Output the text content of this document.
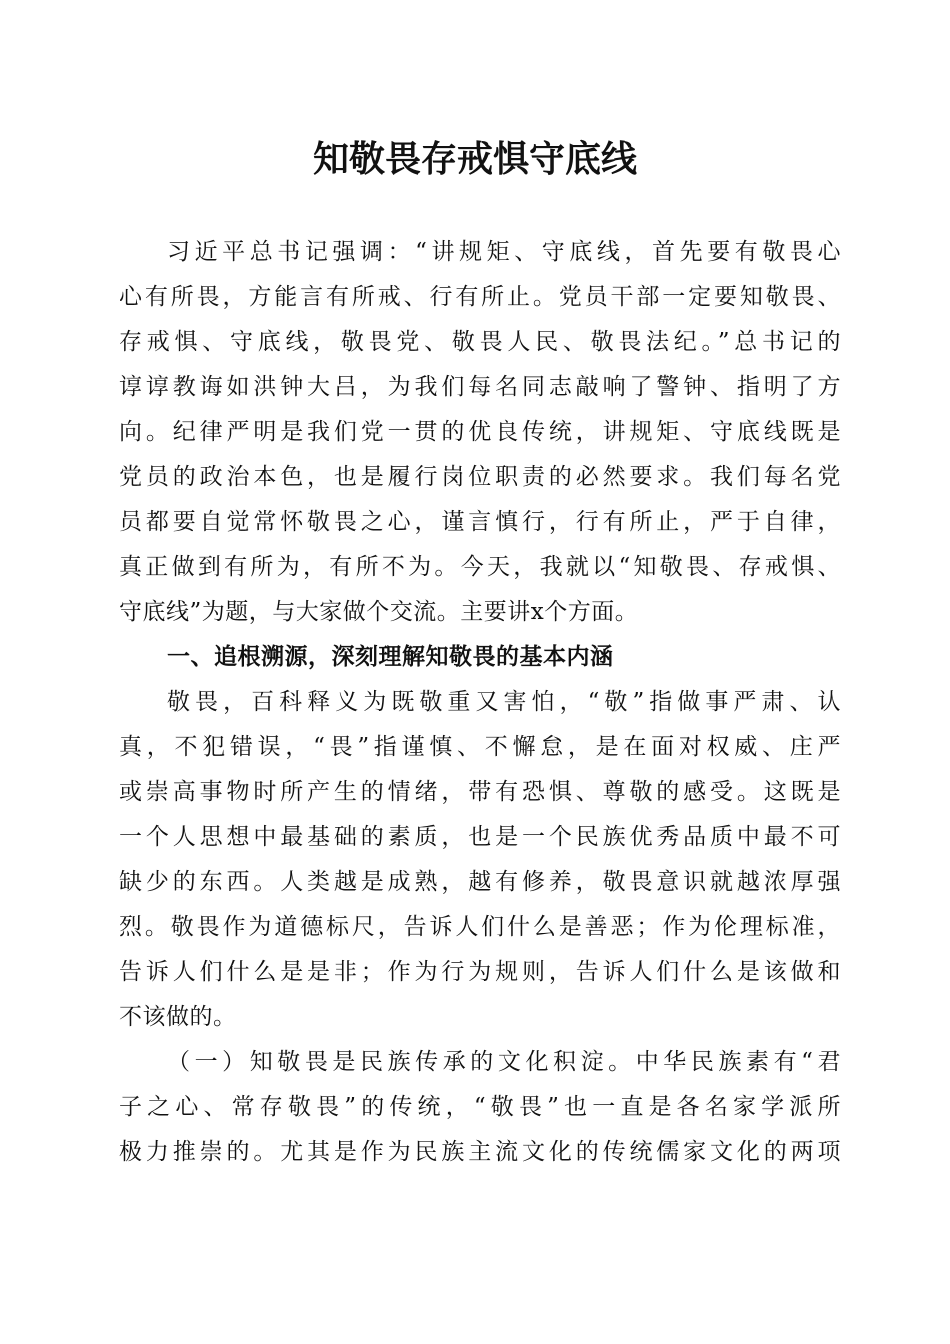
知敬畏存戒惧守底线
习近平总书记强调：“讲规矩、守底线，首先要有敬畏心
心有所畏，方能言有所戒、行有所止。党员干部一定要知敬畏、
存戒惧、守底线，敬畏党、敬畏人民、敬畏法纪。”总书记的
谆谆教诲如洪钟大吕，为我们每名同志敲响了警钟、指明了方
向。纪律严明是我们党一贯的优良传统，讲规矩、守底线既是
党员的政治本色，也是履行岗位职责的必然要求。我们每名党
员都要自觉常怀敬畏之心，谨言慎行，行有所止，严于自律，
真正做到有所为，有所不为。今天，我就以“知敬畏、存戒惧、
守底线”为题，与大家做个交流。主要讲x个方面。
一、追根溯源，深刻理解知敬畏的基本内涵
敬畏，百科释义为既敬重又害怕，“敬”指做事严肃、认
真，不犯错误，“畏”指谨慎、不懈怠，是在面对权威、庄严
或崇高事物时所产生的情绪，带有恐惧、尊敬的感受。这既是
一个人思想中最基础的素质，也是一个民族优秀品质中最不可
缺少的东西。人类越是成熟，越有修养，敬畏意识就越浓厚强
烈。敬畏作为道德标尺，告诉人们什么是善恶；作为伦理标准，
告诉人们什么是是非；作为行为规则，告诉人们什么是该做和
不该做的。
（一）知敬畏是民族传承的文化积淀。中华民族素有“君
子之心、常存敬畏”的传统，“敬畏”也一直是各名家学派所
极力推崇的。尤其是作为民族主流文化的传统儒家文化的两项
